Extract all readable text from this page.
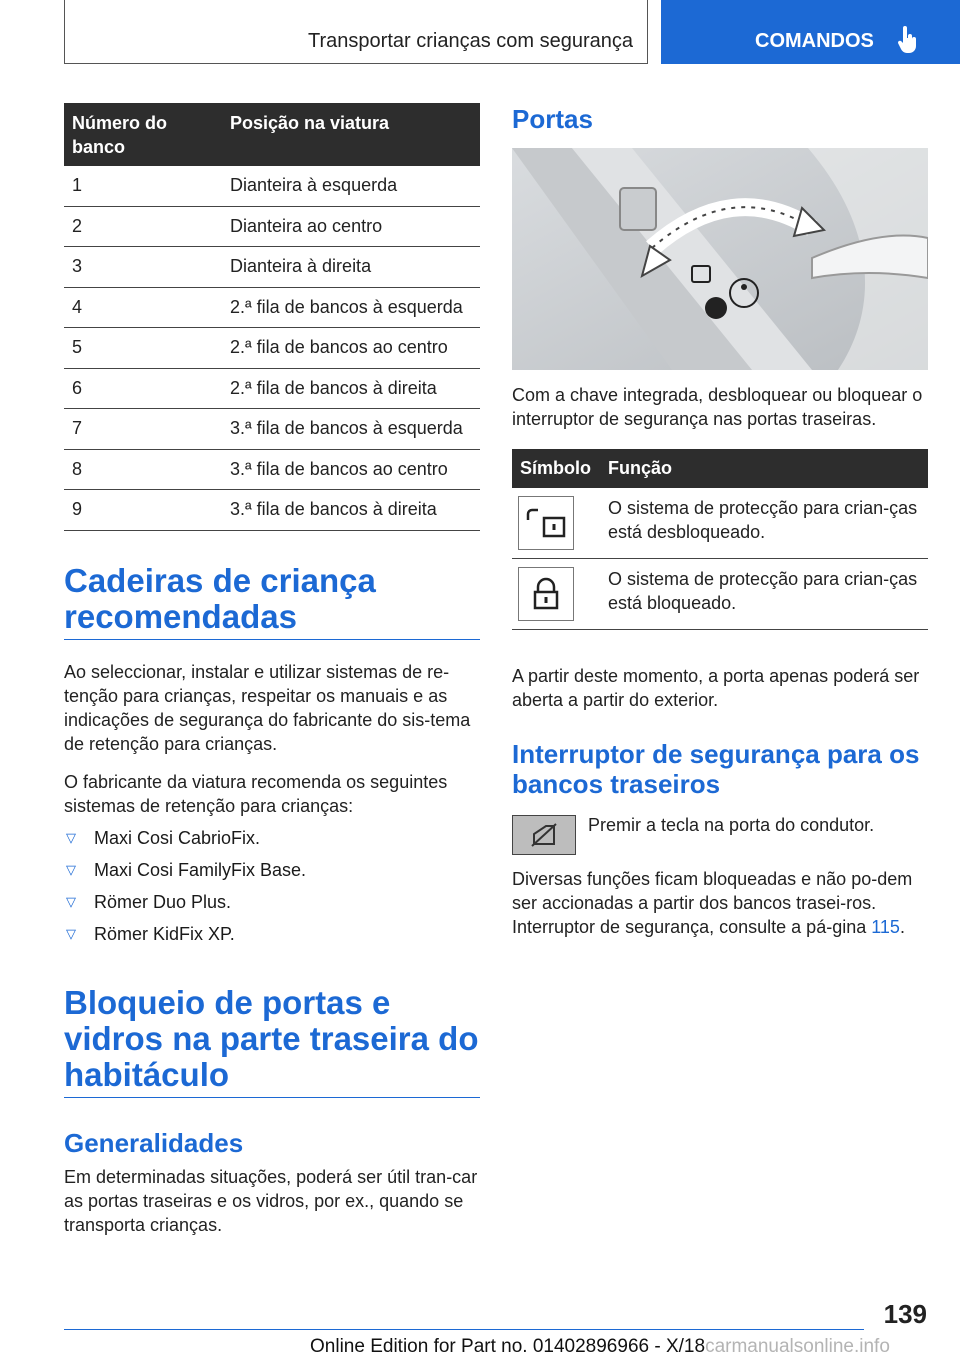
Transportar crianças com segurança	COMANDOS
Número do banco	Posição na viatura
1	Dianteira à esquerda
2	Dianteira ao centro
3	Dianteira à direita
4	2.ª fila de bancos à esquerda
5	2.ª fila de bancos ao centro
6	2.ª fila de bancos à direita
7	3.ª fila de bancos à esquerda
8	3.ª fila de bancos ao centro
9	3.ª fila de bancos à direita
Cadeiras de criança recomendadas

Ao seleccionar, instalar e utilizar sistemas de re-tenção para crianças, respeitar os manuais e as indicações de segurança do fabricante do sis-tema de retenção para crianças.

O fabricante da viatura recomenda os seguintes sistemas de retenção para crianças:

▽ Maxi Cosi CabrioFix.
▽ Maxi Cosi FamilyFix Base.
▽ Römer Duo Plus.
▽ Römer KidFix XP.
Bloqueio de portas e vidros na parte traseira do habitáculo
Generalidades

Em determinadas situações, poderá ser útil tran-car as portas traseiras e os vidros, por ex., quando se transporta crianças.

Portas

Com a chave integrada, desbloquear ou bloquear o interruptor de segurança nas portas traseiras.

Símbolo	Função

	O sistema de protecção para crian-ças está desbloqueado.

	O sistema de protecção para crian-ças está bloqueado.

A partir deste momento, a porta apenas poderá ser aberta a partir do exterior.

Interruptor de segurança para os bancos traseiros

Premir a tecla na porta do condutor.

Diversas funções ficam bloqueadas e não po-dem ser accionadas a partir dos bancos trasei-ros. Interruptor de segurança, consulte a pá-gina 115.

139
Online Edition for Part no. 01402896966 - X/18carmanualsonline.info
